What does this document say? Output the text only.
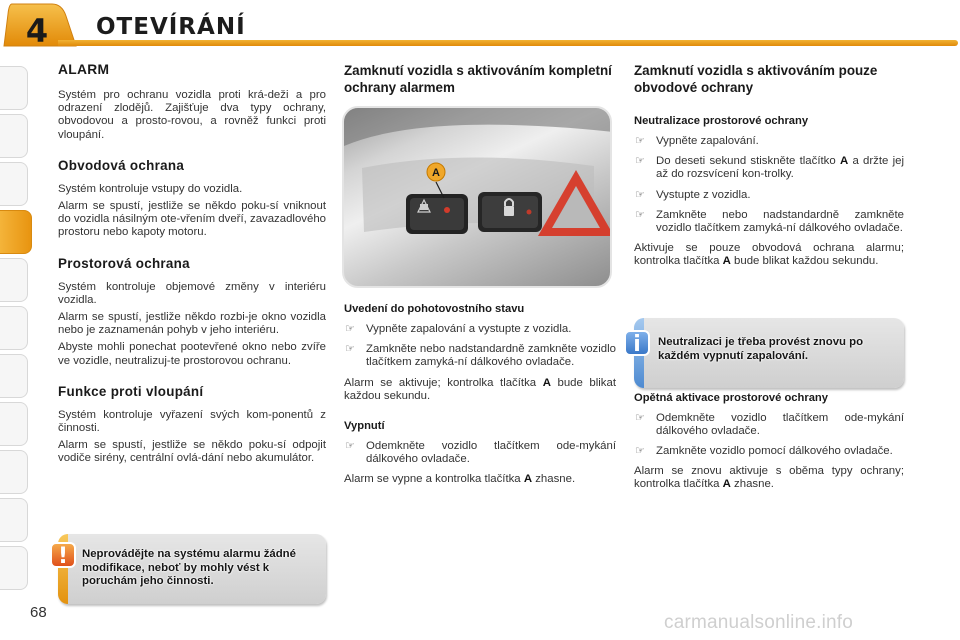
4 OTEVÍRÁNÍ
ALARM

Systém pro ochranu vozidla proti krá-deži a pro odrazení zlodějů. Zajišťuje dva typy ochrany, obvodovou a prosto-rovou, a rovněž funkci proti vloupání.

Obvodová ochrana

Systém kontroluje vstupy do vozidla.

Alarm se spustí, jestliže se někdo poku-sí vniknout do vozidla násilným ote-vřením dveří, zavazadlového prostoru nebo kapoty motoru.

Prostorová ochrana

Systém kontroluje objemové změny v interiéru vozidla.

Alarm se spustí, jestliže někdo rozbi-je okno vozidla nebo je zaznamenán pohyb v jeho interiéru.

Abyste mohli ponechat pootevřené okno nebo zvíře ve vozidle, neutralizuj-te prostorovou ochranu.

Funkce proti vloupání

Systém kontroluje vyřazení svých kom-ponentů z činnosti.

Alarm se spustí, jestliže se někdo poku-sí odpojit vodiče sirény, centrální ovlá-dání nebo akumulátor.

Zamknutí vozidla s aktivováním kompletní ochrany alarmem
A
Uvedení do pohotovostního stavu
☞ Vypněte zapalování a vystupte z vozidla.
☞ Zamkněte nebo nadstandardně zamkněte vozidlo tlačítkem zamyká-ní dálkového ovladače.

Alarm se aktivuje; kontrolka tlačítka A bude blikat každou sekundu.

Vypnutí
☞ Odemkněte vozidlo tlačítkem ode-mykání dálkového ovladače.

Alarm se vypne a kontrolka tlačítka A zhasne.

Zamknutí vozidla s aktivováním pouze obvodové ochrany
Neutralizace prostorové ochrany
☞ Vypněte zapalování.
☞ Do deseti sekund stiskněte tlačítko A a držte jej až do rozsvícení kon-trolky.
☞ Vystupte z vozidla.
☞ Zamkněte nebo nadstandardně zamkněte vozidlo tlačítkem zamyká-ní dálkového ovladače.

Aktivuje se pouze obvodová ochrana alarmu; kontrolka tlačítka A bude blikat každou sekundu.

Opětná aktivace prostorové ochrany
☞ Odemkněte vozidlo tlačítkem ode-mykání dálkového ovladače.
☞ Zamkněte vozidlo pomocí dálkového ovladače.

Alarm se znovu aktivuje s oběma typy ochrany; kontrolka tlačítka A zhasne.

Neutralizaci je třeba provést znovu po každém vypnutí zapalování.
i
Neprovádějte na systému alarmu žádné modifikace, neboť by mohly vést k poruchám jeho činnosti.
!
68	carmanualsonline.info
